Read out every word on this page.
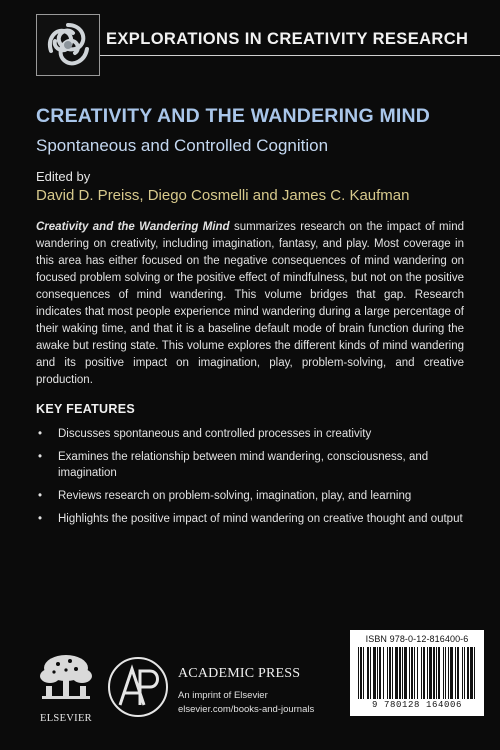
EXPLORATIONS IN CREATIVITY RESEARCH
CREATIVITY AND THE WANDERING MIND
Spontaneous and Controlled Cognition
Edited by
David D. Preiss, Diego Cosmelli and James C. Kaufman

Creativity and the Wandering Mind summarizes research on the impact of mind wandering on creativity, including imagination, fantasy, and play. Most coverage in this area has either focused on the negative consequences of mind wandering on focused problem solving or the positive effect of mindfulness, but not on the positive consequences of mind wandering. This volume bridges that gap. Research indicates that most people experience mind wandering during a large percentage of their waking time, and that it is a baseline default mode of brain function during the awake but resting state. This volume explores the different kinds of mind wandering and its positive impact on imagination, play, problem-solving, and creative production.

KEY FEATURES
• Discusses spontaneous and controlled processes in creativity
• Examines the relationship between mind wandering, consciousness, and imagination
• Reviews research on problem-solving, imagination, play, and learning
• Highlights the positive impact of mind wandering on creative thought and output
ELSEVIER
ACADEMIC PRESS
An imprint of Elsevier
elsevier.com/books-and-journals
ISBN 978-0-12-816400-6
9 780128 164006
